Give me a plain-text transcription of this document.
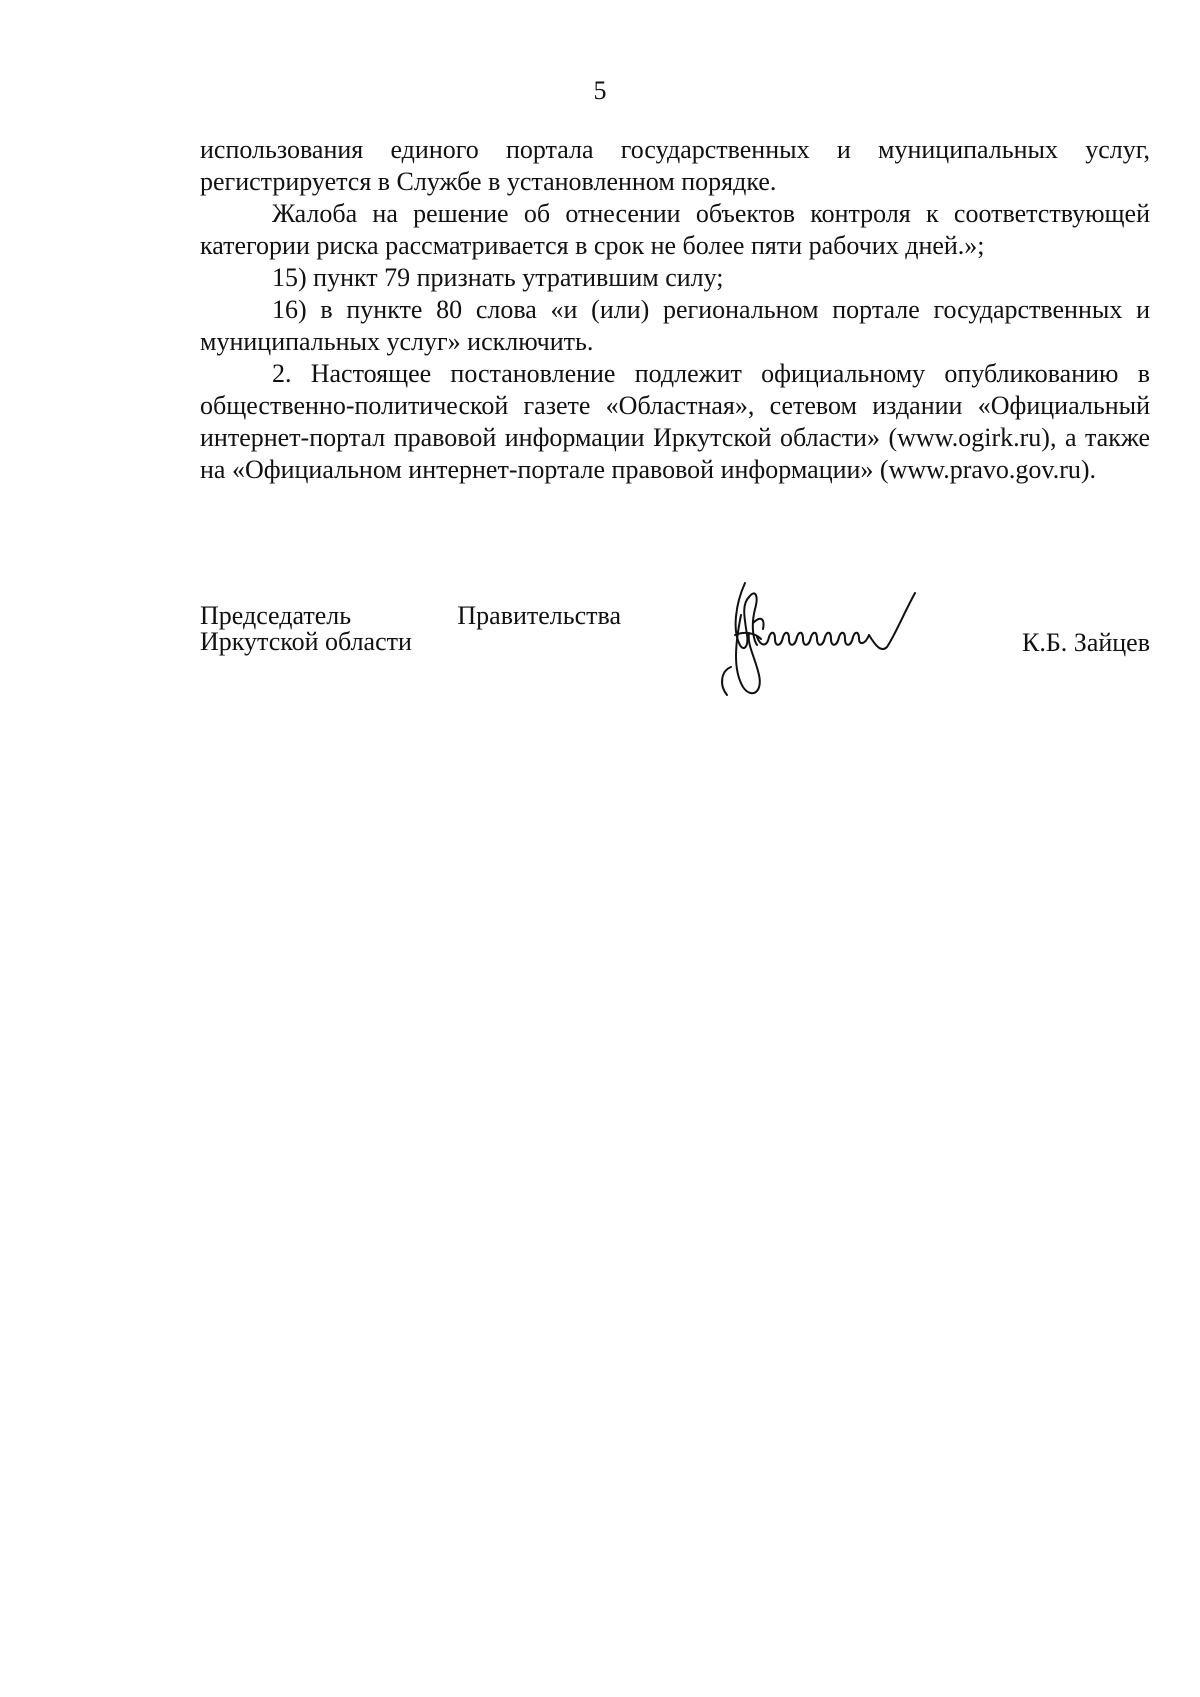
5

использования единого портала государственных и муниципальных услуг, регистрируется в Службе в установленном порядке.

Жалоба на решение об отнесении объектов контроля к соответствующей категории риска рассматривается в срок не более пяти рабочих дней.»;

15) пункт 79 признать утратившим силу;

16) в пункте 80 слова «и (или) региональном портале государственных и муниципальных услуг» исключить.

2. Настоящее постановление подлежит официальному опубликованию в общественно-политической газете «Областная», сетевом издании «Официальный интернет-портал правовой информации Иркутской области» (www.ogirk.ru), а также на «Официальном интернет-портале правовой информации» (www.pravo.gov.ru).

Председатель	Правительства
Иркутской области	К.Б. Зайцев
